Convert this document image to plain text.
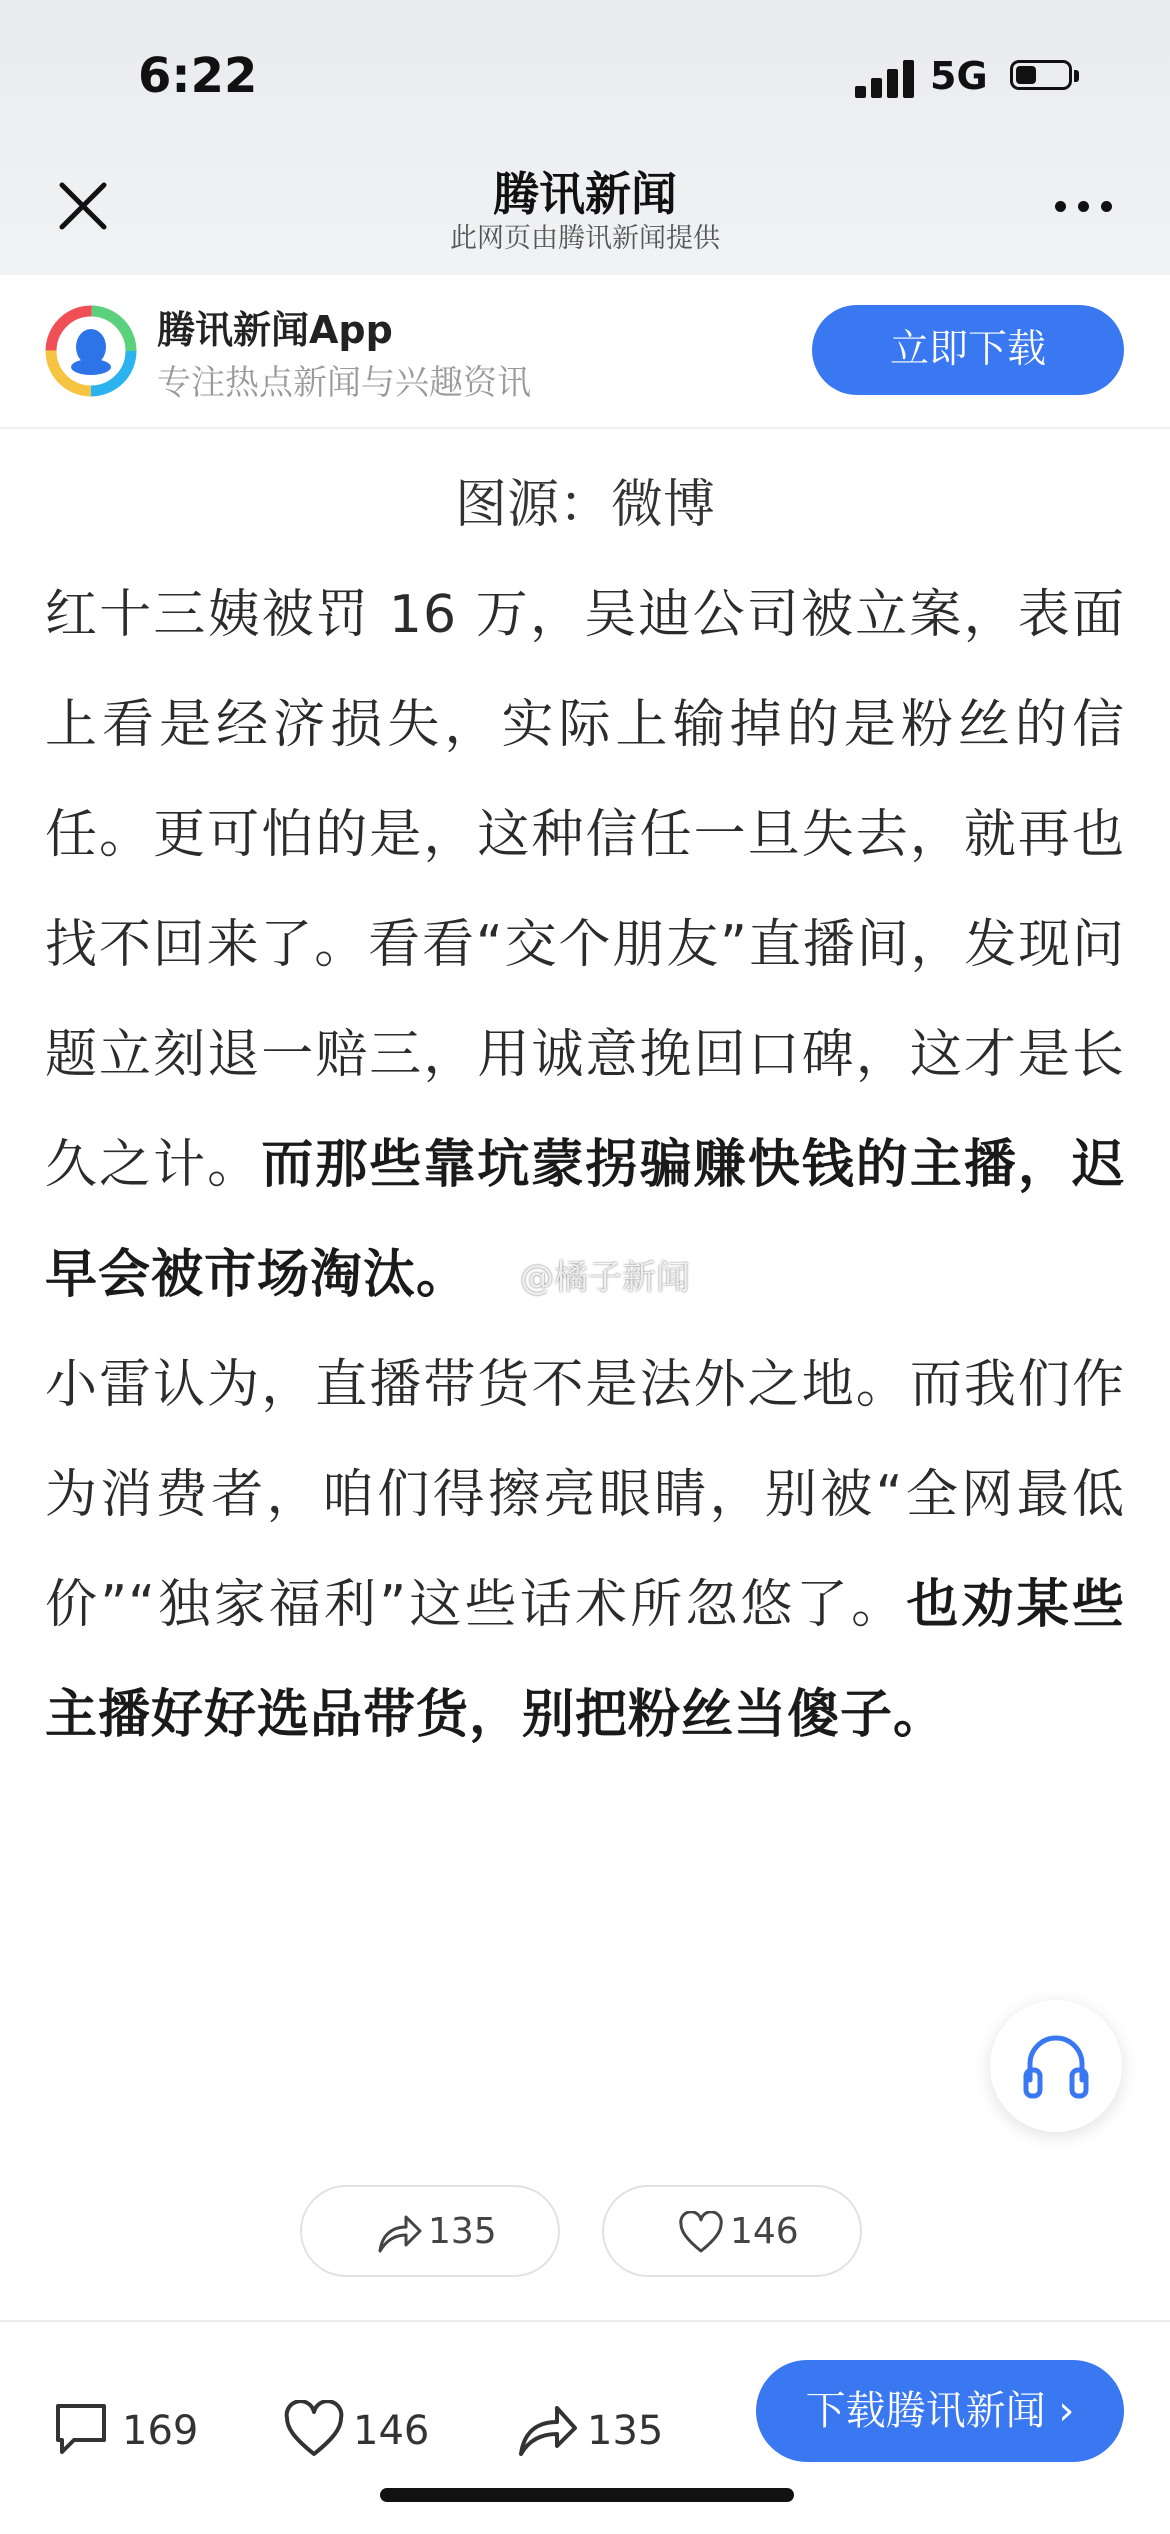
6:22	5G
腾讯新闻
此网页由腾讯新闻提供
腾讯新闻App
专注热点新闻与兴趣资讯
立即下载
图源：微博

红十三姨被罚 16 万，吴迪公司被立案，表面上看是经济损失，实际上输掉的是粉丝的信任。更可怕的是，这种信任一旦失去，就再也找不回来了。看看“交个朋友”直播间，发现问题立刻退一赔三，用诚意挽回口碑，这才是长久之计。而那些靠坑蒙拐骗赚快钱的主播，迟早会被市场淘汰。

小雷认为，直播带货不是法外之地。而我们作为消费者，咱们得擦亮眼睛，别被“全网最低价”“独家福利”这些话术所忽悠了。也劝某些主播好好选品带货，别把粉丝当傻子。

@橘子新闻
135	146
169	146	135	下载腾讯新闻 ›
